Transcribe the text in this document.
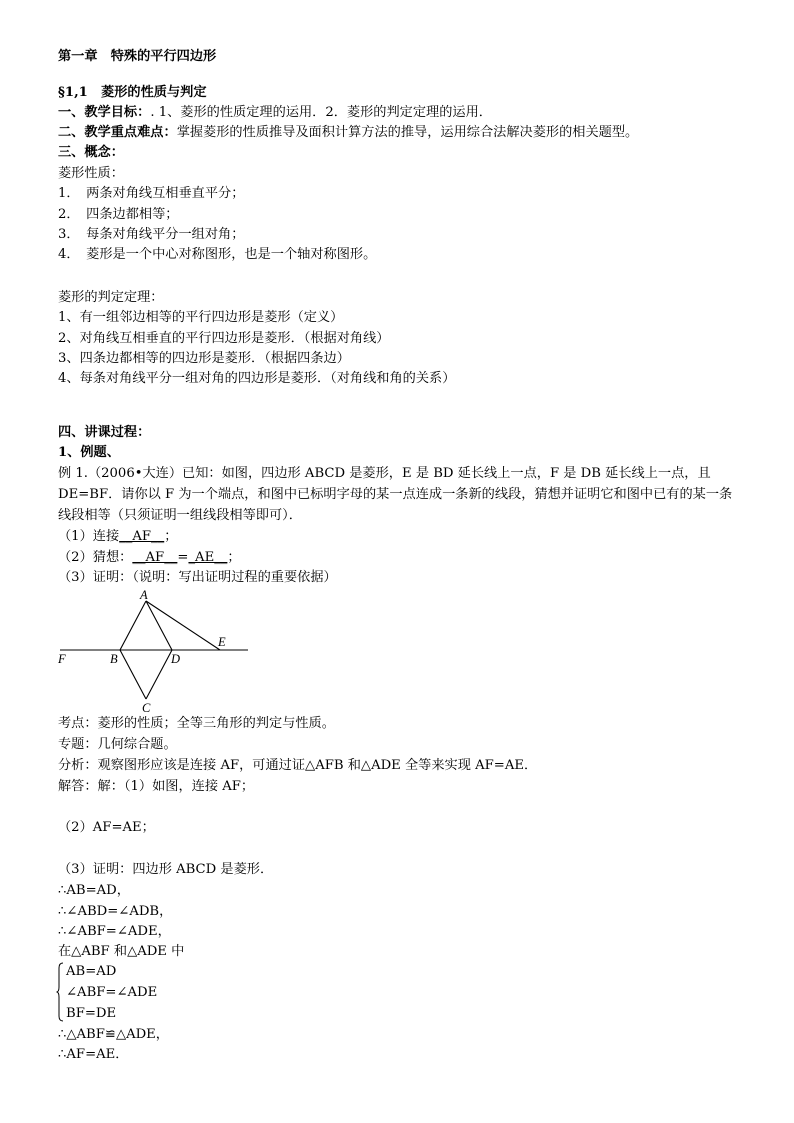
第一章　特殊的平行四边形
§1,1　菱形的性质与判定
一、教学目标：. 1、菱形的性质定理的运用．2．菱形的判定定理的运用．
二、教学重点难点：掌握菱形的性质推导及面积计算方法的推导，运用综合法解决菱形的相关题型。
三、概念：
菱形性质：
1．　两条对角线互相垂直平分；
2．　四条边都相等；
3．　每条对角线平分一组对角；
4．　菱形是一个中心对称图形，也是一个轴对称图形。
菱形的判定定理：
1、有一组邻边相等的平行四边形是菱形（定义）
2、对角线互相垂直的平行四边形是菱形．（根据对角线）
3、四条边都相等的四边形是菱形．（根据四条边）
4、每条对角线平分一组对角的四边形是菱形．（对角线和角的关系）
四、讲课过程：
1、例题、
例 1.（2006•大连）已知：如图，四边形 ABCD 是菱形，E 是 BD 延长线上一点，F 是 DB 延长线上一点，且
DE=BF．请你以 F 为一个端点，和图中已标明字母的某一点连成一条新的线段，猜想并证明它和图中已有的某一条
线段相等（只须证明一组线段相等即可）．
（1）连接__AF__；
（2）猜想：__AF__=_AE__；
（3）证明：（说明：写出证明过程的重要依据）
A
B
C
D
E
F
考点：菱形的性质；全等三角形的判定与性质。
专题：几何综合题。
分析：观察图形应该是连接 AF，可通过证△AFB 和△ADE 全等来实现 AF=AE．
解答：解：（1）如图，连接 AF；
（2）AF=AE；
（3）证明：四边形 ABCD 是菱形．
∴AB=AD，
∴∠ABD=∠ADB，
∴∠ABF=∠ADE，
在△ABF 和△ADE 中
AB=AD
∠ABF=∠ADE
BF=DE
∴△ABF≌△ADE，
∴AF=AE．
